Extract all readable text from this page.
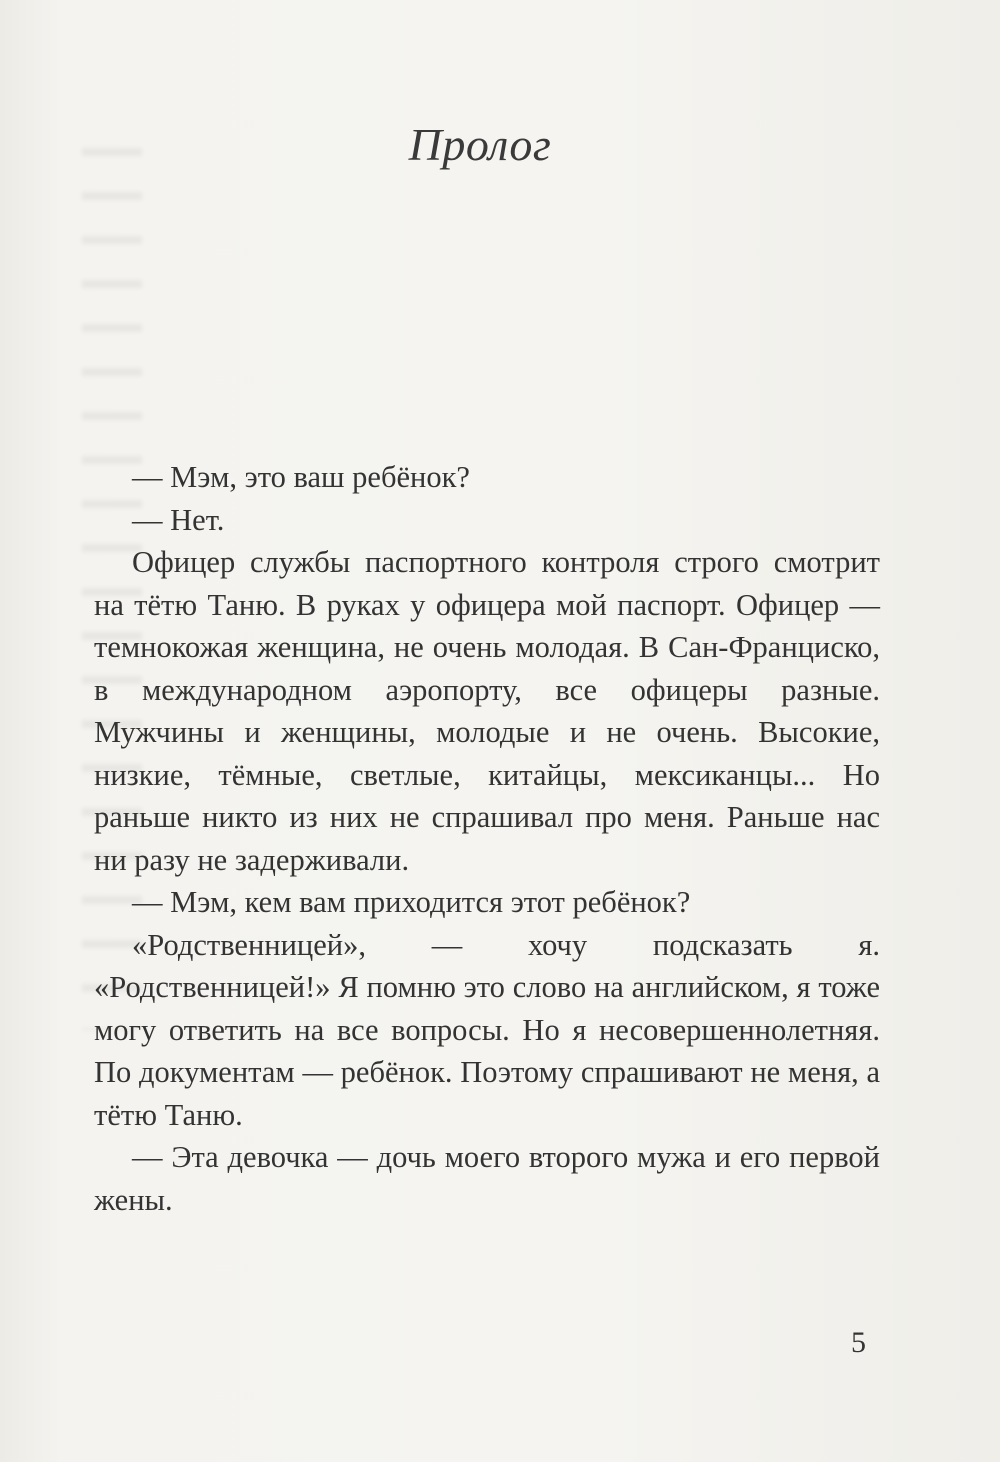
Пролог

— Мэм, это ваш ребёнок?

— Нет.

Офицер службы паспортного контроля строго смотрит на тётю Таню. В руках у офицера мой паспорт. Офицер — темнокожая женщина, не очень молодая. В Сан-Франциско, в международном аэропорту, все офицеры разные. Мужчины и женщины, молодые и не очень. Высокие, низкие, тёмные, светлые, китайцы, мексиканцы... Но раньше никто из них не спрашивал про меня. Раньше нас ни разу не задерживали.

— Мэм, кем вам приходится этот ребёнок?

«Родственницей», — хочу подсказать я. «Родственницей!» Я помню это слово на английском, я тоже могу ответить на все вопросы. Но я несовершеннолетняя. По документам — ребёнок. Поэтому спрашивают не меня, а тётю Таню.

— Эта девочка — дочь моего второго мужа и его первой жены.

5
